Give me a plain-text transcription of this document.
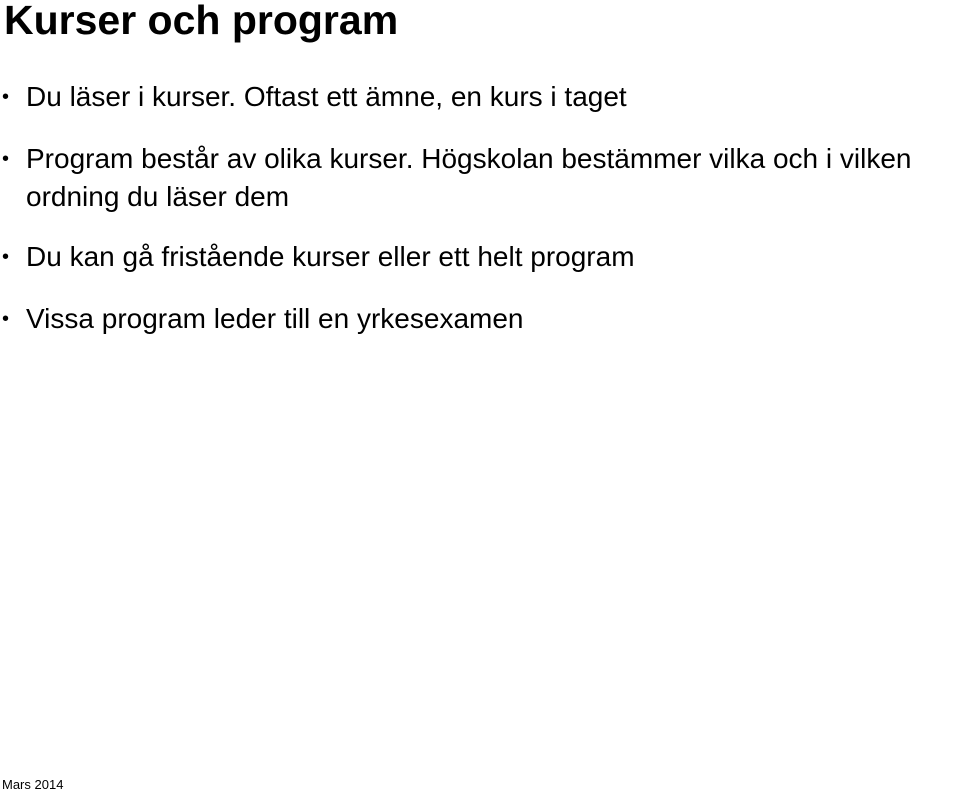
Kurser och program
• Du läser i kurser. Oftast ett ämne, en kurs i taget
• Program består av olika kurser. Högskolan bestämmer vilka och i vilken ordning du läser dem
• Du kan gå fristående kurser eller ett helt program
• Vissa program leder till en yrkesexamen
Mars 2014
